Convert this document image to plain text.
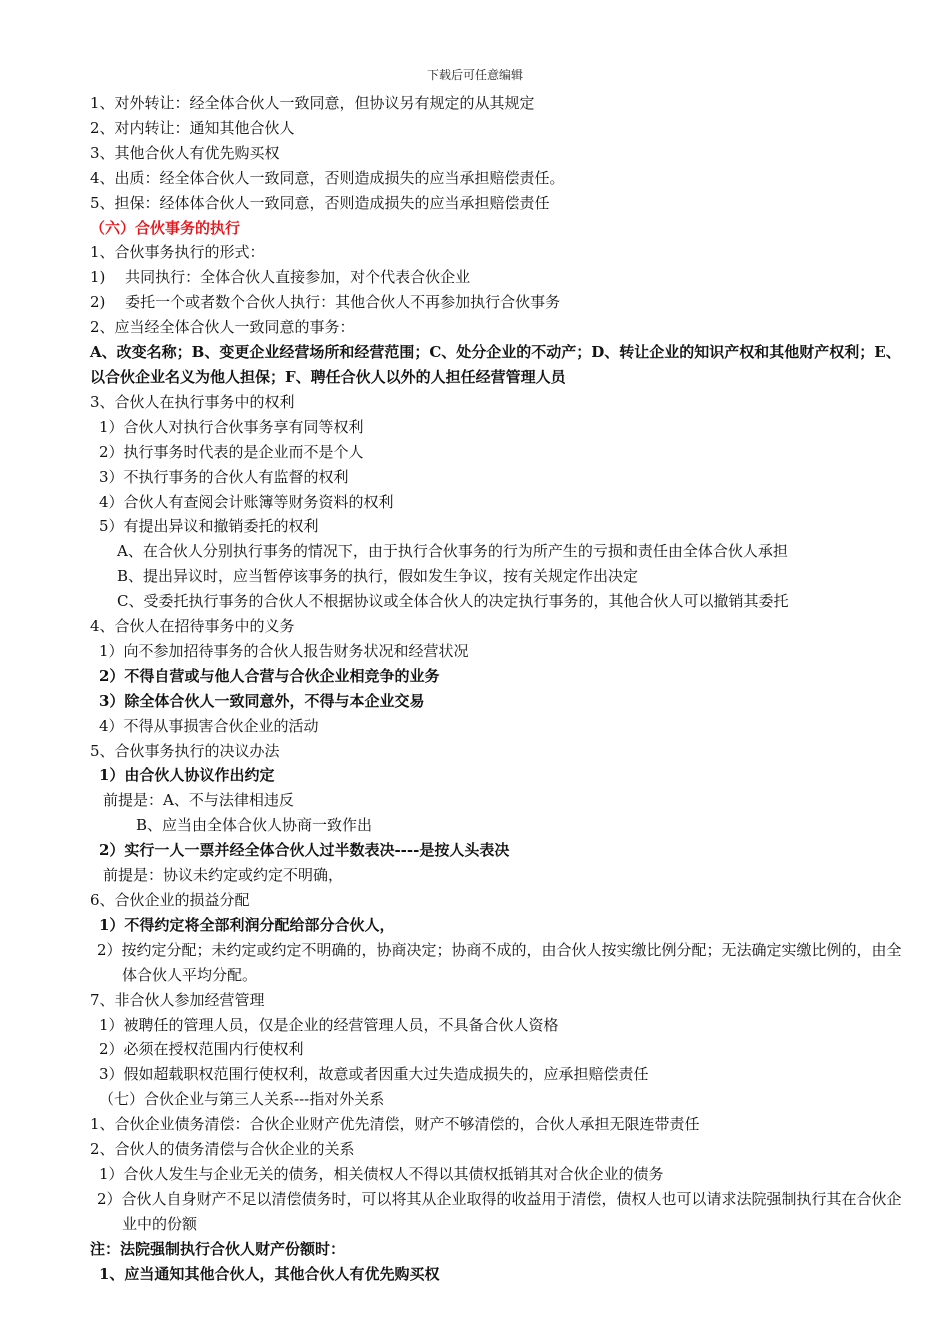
下载后可任意编辑
1、对外转让：经全体合伙人一致同意，但协议另有规定的从其规定
2、对内转让：通知其他合伙人
3、其他合伙人有优先购买权
4、出质：经全体合伙人一致同意，否则造成损失的应当承担赔偿责任。
5、担保：经体体合伙人一致同意，否则造成损失的应当承担赔偿责任
（六）合伙事务的执行
1、合伙事务执行的形式：
1)　 共同执行：全体合伙人直接参加，对个代表合伙企业
2)　 委托一个或者数个合伙人执行：其他合伙人不再参加执行合伙事务
2、应当经全体合伙人一致同意的事务：
A、改变名称；B、变更企业经营场所和经营范围；C、处分企业的不动产；D、转让企业的知识产权和其他财产权利；E、以合伙企业名义为他人担保；F、聘任合伙人以外的人担任经营管理人员
3、合伙人在执行事务中的权利
1）合伙人对执行合伙事务享有同等权利
2）执行事务时代表的是企业而不是个人
3）不执行事务的合伙人有监督的权利
4）合伙人有查阅会计账簿等财务资料的权利
5）有提出异议和撤销委托的权利
A、在合伙人分别执行事务的情况下，由于执行合伙事务的行为所产生的亏损和责任由全体合伙人承担
B、提出异议时，应当暂停该事务的执行，假如发生争议，按有关规定作出决定
C、受委托执行事务的合伙人不根据协议或全体合伙人的决定执行事务的，其他合伙人可以撤销其委托
4、合伙人在招待事务中的义务
1）向不参加招待事务的合伙人报告财务状况和经营状况
2）不得自营或与他人合营与合伙企业相竞争的业务
3）除全体合伙人一致同意外，不得与本企业交易
4）不得从事损害合伙企业的活动
5、合伙事务执行的决议办法
1）由合伙人协议作出约定
前提是：A、不与法律相违反
B、应当由全体合伙人协商一致作出
2）实行一人一票并经全体合伙人过半数表决----是按人头表决
前提是：协议未约定或约定不明确，
6、合伙企业的损益分配
1）不得约定将全部利润分配给部分合伙人，
2）按约定分配；未约定或约定不明确的，协商决定；协商不成的，由合伙人按实缴比例分配；无法确定实缴比例的，由全体合伙人平均分配。
7、非合伙人参加经营管理
1）被聘任的管理人员，仅是企业的经营管理人员，不具备合伙人资格
2）必须在授权范围内行使权利
3）假如超载职权范围行使权利，故意或者因重大过失造成损失的，应承担赔偿责任
（七）合伙企业与第三人关系---指对外关系
1、合伙企业债务清偿：合伙企业财产优先清偿，财产不够清偿的，合伙人承担无限连带责任
2、合伙人的债务清偿与合伙企业的关系
1）合伙人发生与企业无关的债务，相关债权人不得以其债权抵销其对合伙企业的债务
2）合伙人自身财产不足以清偿债务时，可以将其从企业取得的收益用于清偿，债权人也可以请求法院强制执行其在合伙企业中的份额
注：法院强制执行合伙人财产份额时：
1、应当通知其他合伙人，其他合伙人有优先购买权
